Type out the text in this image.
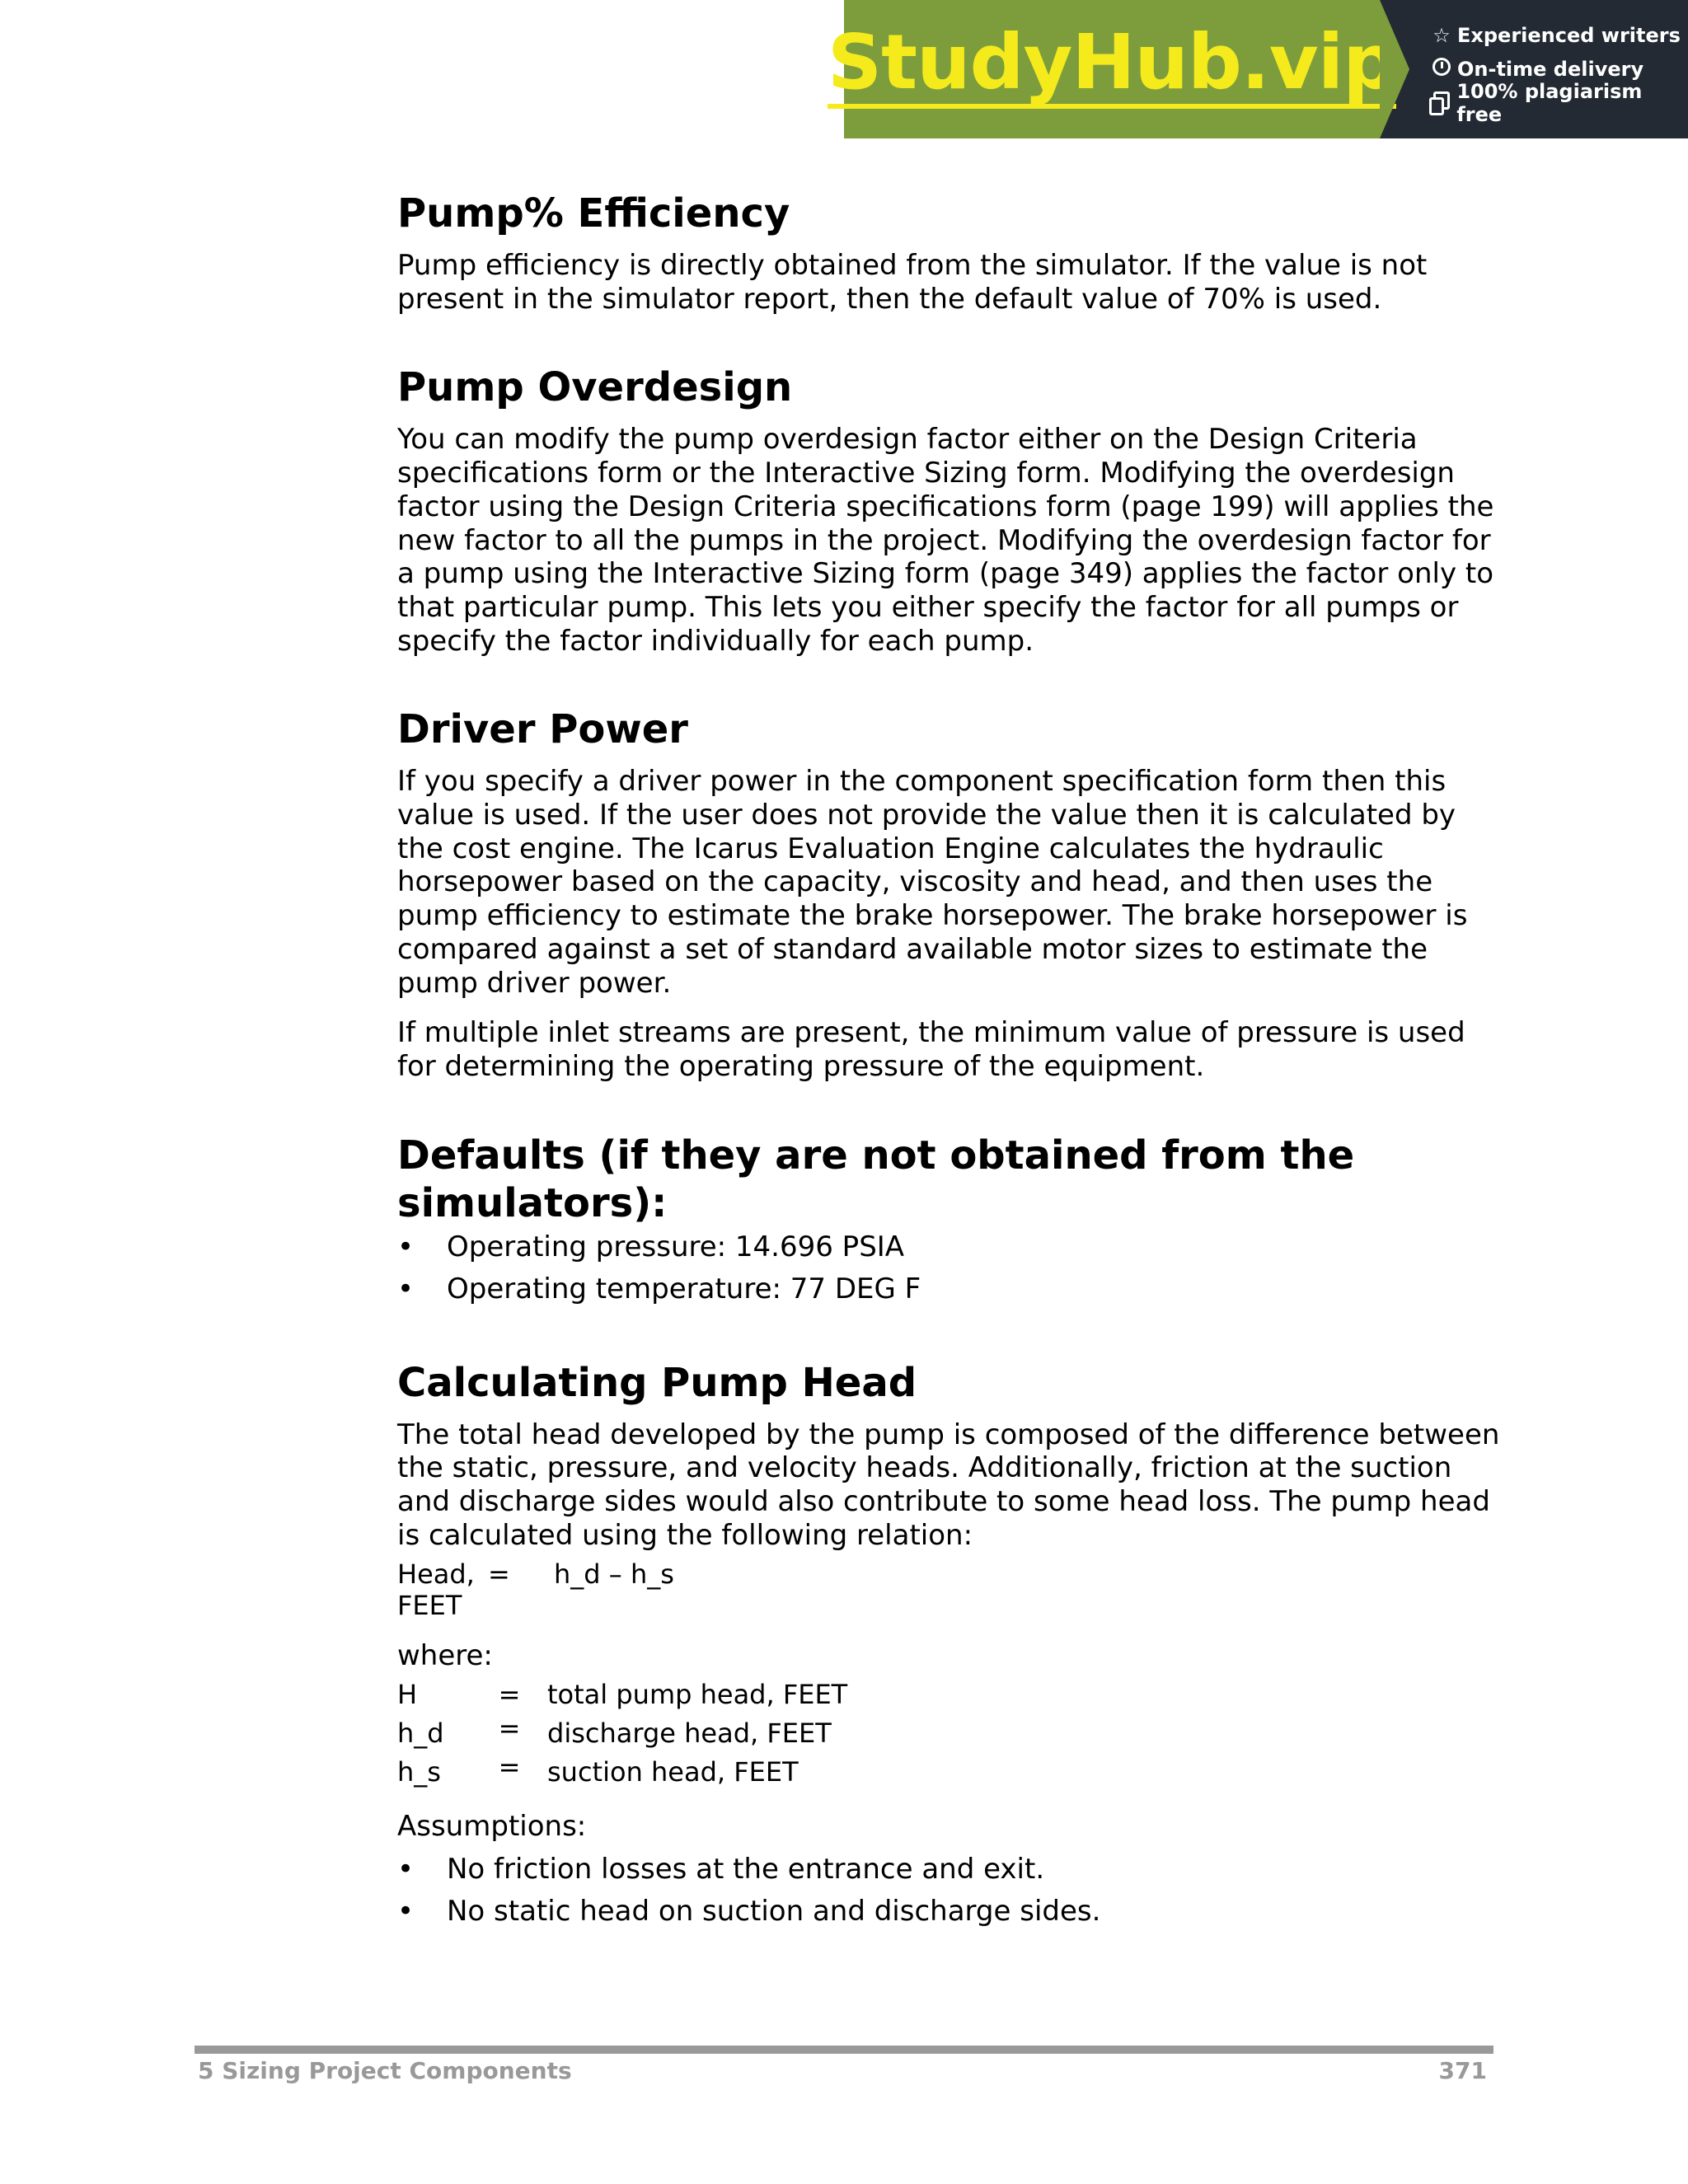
StudyHub.vip ☆ Experienced writers
On-time delivery
100% plagiarism free
Pump% Efficiency

Pump efficiency is directly obtained from the simulator. If the value is not present in the simulator report, then the default value of 70% is used.

Pump Overdesign

You can modify the pump overdesign factor either on the Design Criteria specifications form or the Interactive Sizing form. Modifying the overdesign factor using the Design Criteria specifications form (page 199) will applies the new factor to all the pumps in the project. Modifying the overdesign factor for a pump using the Interactive Sizing form (page 349) applies the factor only to that particular pump. This lets you either specify the factor for all pumps or specify the factor individually for each pump.

Driver Power

If you specify a driver power in the component specification form then this value is used. If the user does not provide the value then it is calculated by the cost engine. The Icarus Evaluation Engine calculates the hydraulic horsepower based on the capacity, viscosity and head, and then uses the pump efficiency to estimate the brake horsepower. The brake horsepower is compared against a set of standard available motor sizes to estimate the pump driver power.

If multiple inlet streams are present, the minimum value of pressure is used for determining the operating pressure of the equipment.

Defaults (if they are not obtained from the simulators):
• Operating pressure: 14.696 PSIA
• Operating temperature: 77 DEG F
Calculating Pump Head

The total head developed by the pump is composed of the difference between the static, pressure, and velocity heads. Additionally, friction at the suction and discharge sides would also contribute to some head loss. The pump head is calculated using the following relation:

Head,
FEET
=	h_d – h_s
where:
H	=	total pump head, FEET
h_d	=	discharge head, FEET
h_s	=	suction head, FEET
Assumptions:
• No friction losses at the entrance and exit.
• No static head on suction and discharge sides.
5 Sizing Project Components	371
